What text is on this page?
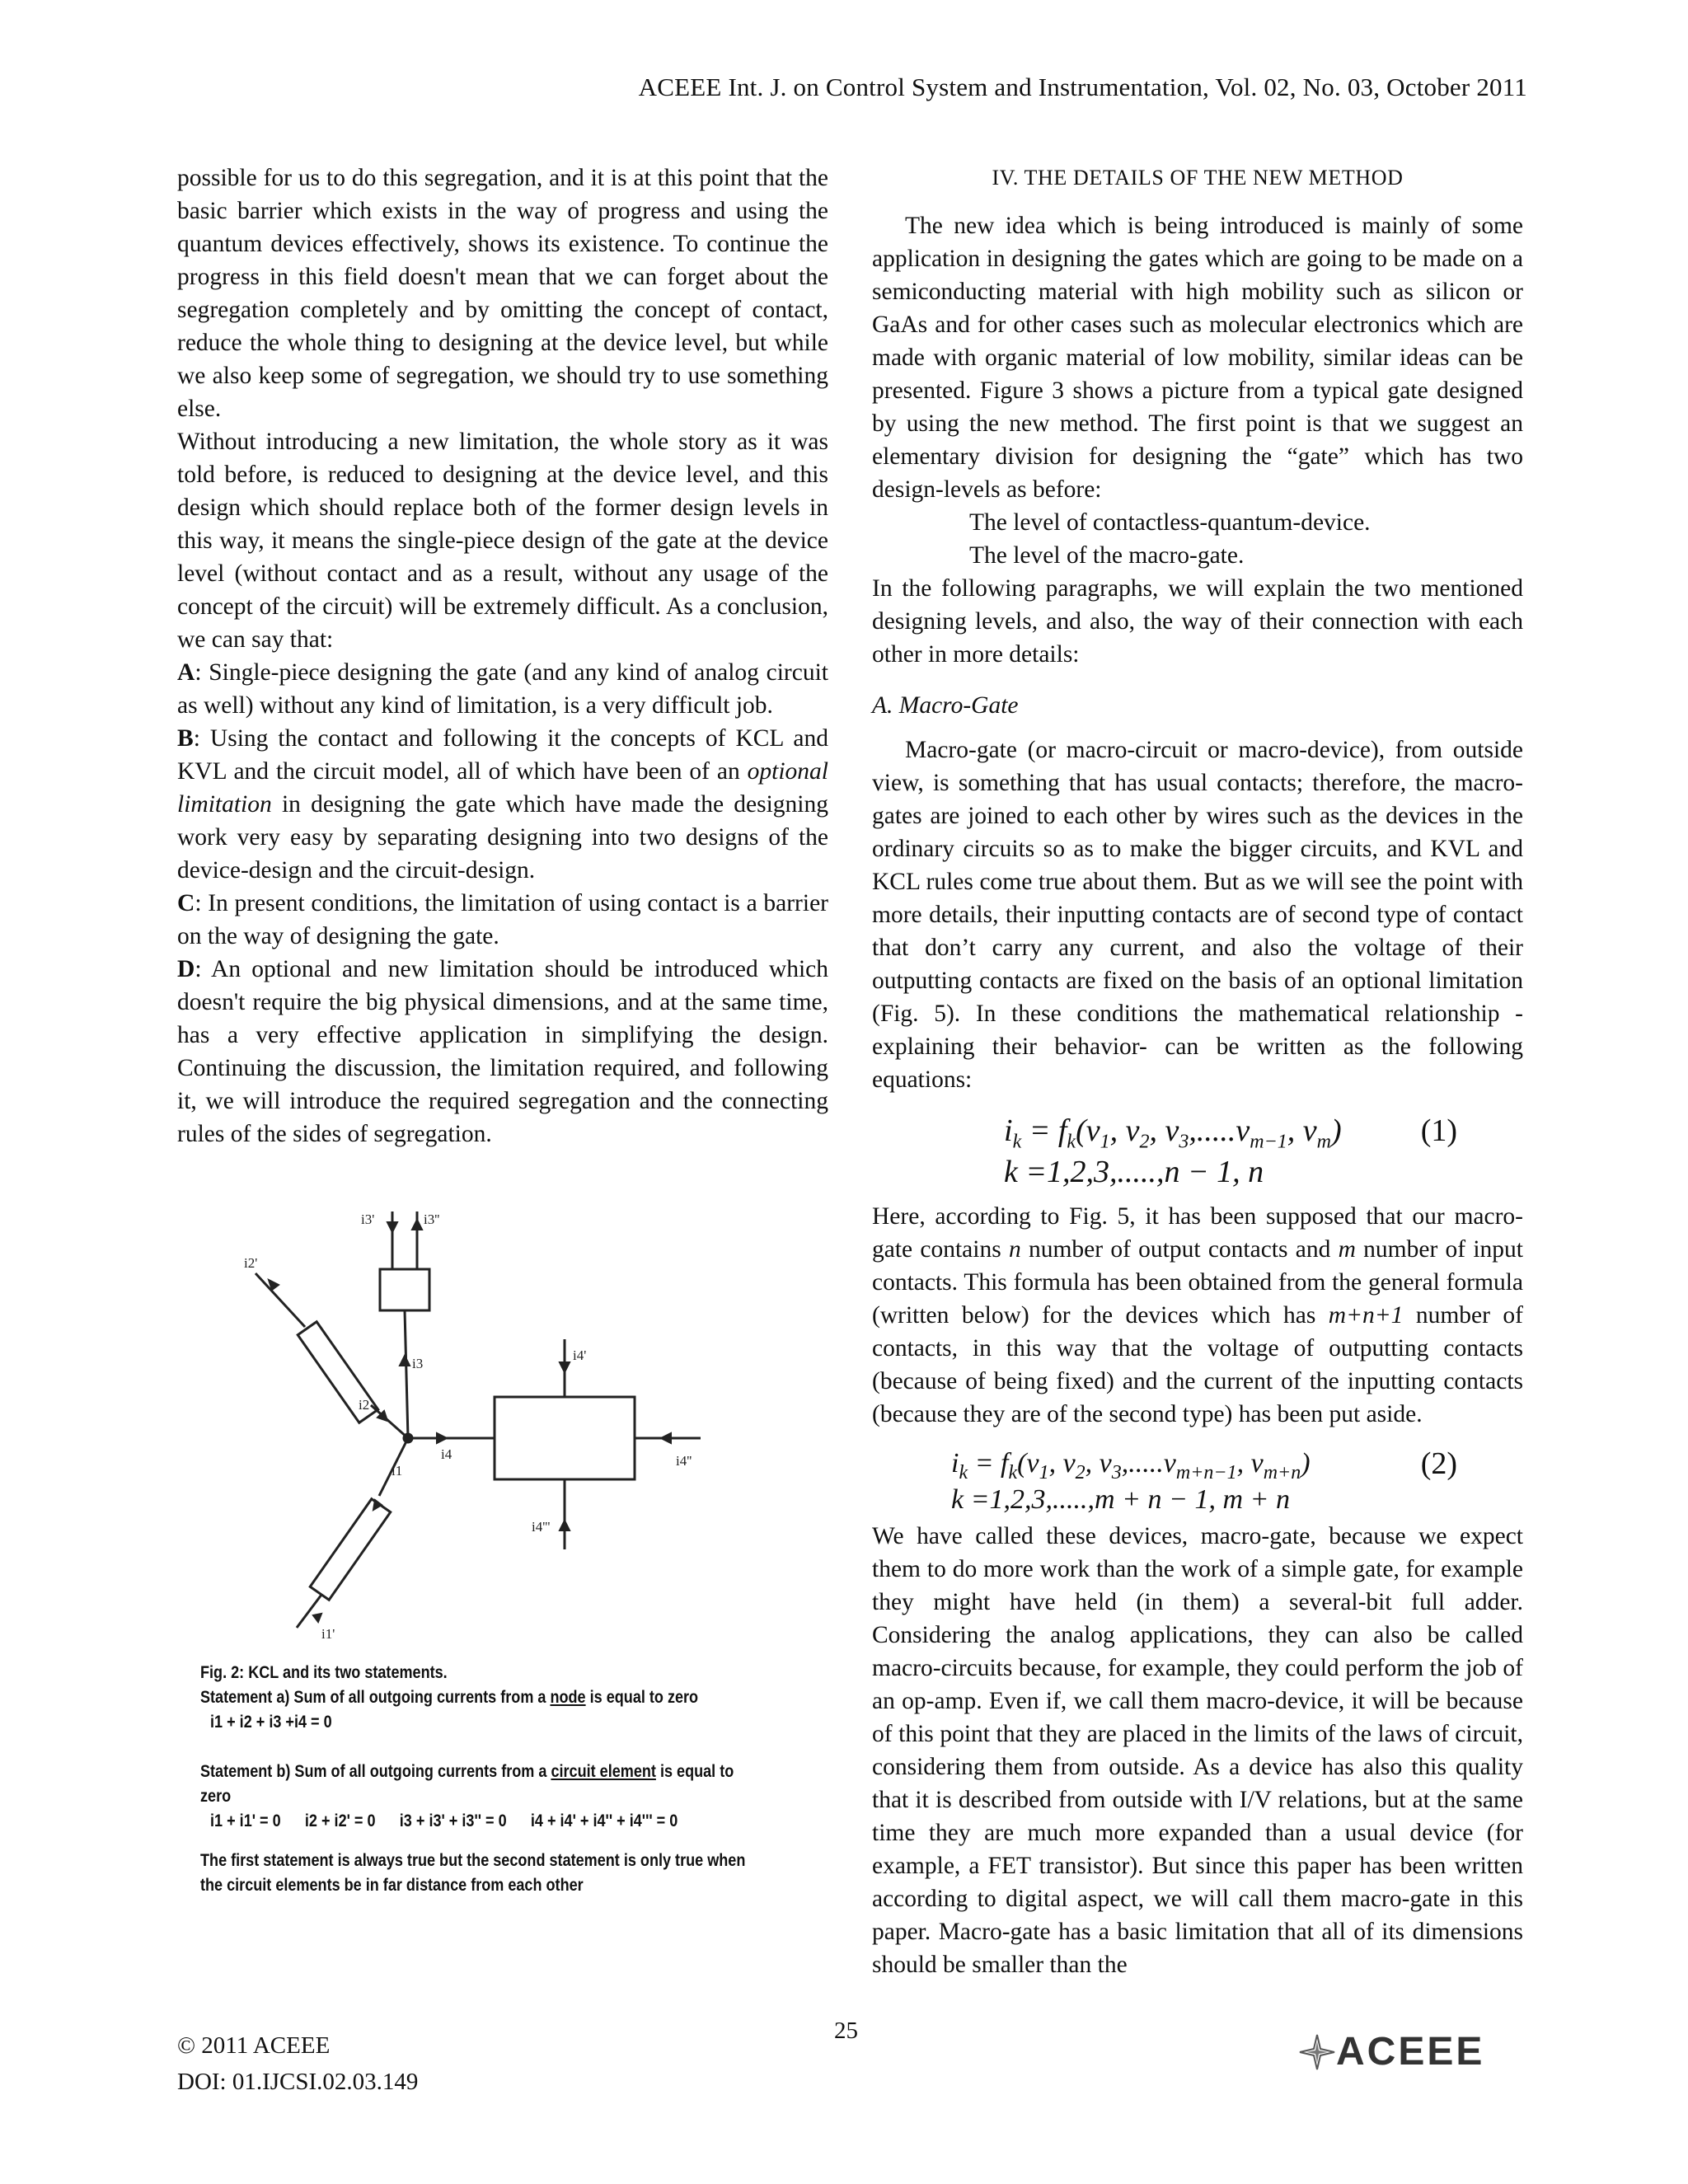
ACEEE Int. J. on Control System and Instrumentation, Vol. 02, No. 03, October 2011

possible for us to do this segregation, and it is at this point that the basic barrier which exists in the way of progress and using the quantum devices effectively, shows its existence. To continue the progress in this field doesn't mean that we can forget about the segregation completely and by omitting the concept of contact, reduce the whole thing to designing at the device level, but while we also keep some of segregation, we should try to use something else.

Without introducing a new limitation, the whole story as it was told before, is reduced to designing at the device level, and this design which should replace both of the former design levels in this way, it means the single-piece design of the gate at the device level (without contact and as a result, without any usage of the concept of the circuit) will be extremely difficult. As a conclusion, we can say that:

A: Single-piece designing the gate (and any kind of analog circuit as well) without any kind of limitation, is a very difficult job.

B: Using the contact and following it the concepts of KCL and KVL and the circuit model, all of which have been of an optional limitation in designing the gate which have made the designing work very easy by separating designing into two designs of the device-design and the circuit-design.

C: In present conditions, the limitation of using contact is a barrier on the way of designing the gate.

D: An optional and new limitation should be introduced which doesn't require the big physical dimensions, and at the same time, has a very effective application in simplifying the design. Continuing the discussion, the limitation required, and following it, we will introduce the required segregation and the connecting rules of the sides of segregation.

i3'	i3''
i2'
i3
i2
i1
i4
i4'
i4''
i4'''
i1'

Fig. 2: KCL and its two statements.

Statement a) Sum of all outgoing currents from a node is equal to zero

i1 + i2 + i3 +i4 = 0

Statement b) Sum of all outgoing currents from a circuit element is equal to zero

i1 + i1' = 0 i2 + i2' = 0 i3 + i3' + i3'' = 0 i4 + i4' + i4'' + i4''' = 0

The first statement is always true but the second statement is only true when the circuit elements be in far distance from each other

IV. THE DETAILS OF THE NEW METHOD

The new idea which is being introduced is mainly of some application in designing the gates which are going to be made on a semiconducting material with high mobility such as silicon or GaAs and for other cases such as molecular electronics which are made with organic material of low mobility, similar ideas can be presented. Figure 3 shows a picture from a typical gate designed by using the new method. The first point is that we suggest an elementary division for designing the “gate” which has two design-levels as before:

The level of contactless-quantum-device.

The level of the macro-gate.

In the following paragraphs, we will explain the two mentioned designing levels, and also, the way of their connection with each other in more details:

A. Macro-Gate

Macro-gate (or macro-circuit or macro-device), from outside view, is something that has usual contacts; therefore, the macro-gates are joined to each other by wires such as the devices in the ordinary circuits so as to make the bigger circuits, and KVL and KCL rules come true about them. But as we will see the point with more details, their inputting contacts are of second type of contact that don’t carry any current, and also the voltage of their outputting contacts are fixed on the basis of an optional limitation (Fig. 5). In these conditions the mathematical relationship -explaining their behavior- can be written as the following equations:

$i_k = f_k(v_1$, $v_2$, $v_3,.....v_{m-1}$, $v_m$)
k =1,2,3,.....,n − 1, n
(1)

Here, according to Fig. 5, it has been supposed that our macro-gate contains n number of output contacts and m number of input contacts. This formula has been obtained from the general formula (written below) for the devices which has m+n+1 number of contacts, in this way that the voltage of outputting contacts (because of being fixed) and the current of the inputting contacts (because they are of the second type) has been put aside.

$i_k = f_k(v_1$, $v_2$, $v_3,.....v_{m+n-1}$, $v_{m+n}$)
k =1,2,3,.....,m + n − 1, m + n
(2)

We have called these devices, macro-gate, because we expect them to do more work than the work of a simple gate, for example they might have held (in them) a several-bit full adder. Considering the analog applications, they can also be called macro-circuits because, for example, they could perform the job of an op-amp. Even if, we call them macro-device, it will be because of this point that they are placed in the limits of the laws of circuit, considering them from outside. As a device has also this quality that it is described from outside with I/V relations, but at the same time they are much more expanded than a usual device (for example, a FET transistor). But since this paper has been written according to digital aspect, we will call them macro-gate in this paper. Macro-gate has a basic limitation that all of its dimensions should be smaller than the

© 2011 ACEEE
DOI: 01.IJCSI.02.03.149
25	ACEEE
